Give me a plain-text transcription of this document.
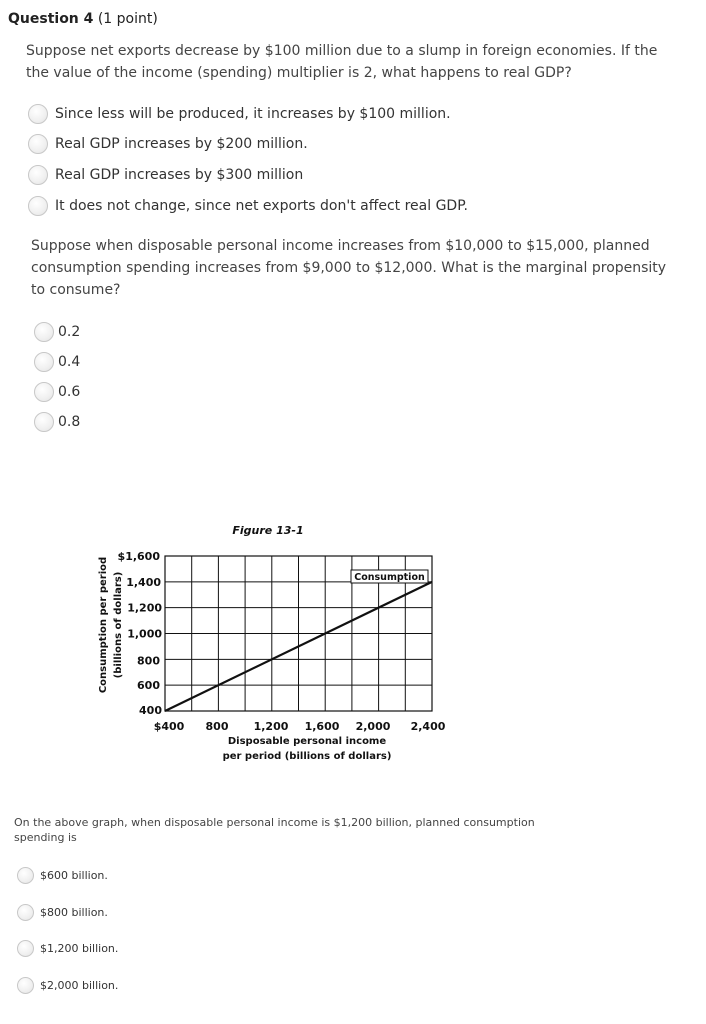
Question 4 (1 point)
Suppose net exports decrease by $100 million due to a slump in foreign economies. If the the value of the income (spending) multiplier is 2, what happens to real GDP?
Since less will be produced, it increases by $100 million.
Real GDP increases by $200 million.
Real GDP increases by $300 million
It does not change, since net exports don't affect real GDP.
Suppose when disposable personal income increases from $10,000 to $15,000, planned consumption spending increases from $9,000 to $12,000. What is the marginal propensity to consume?
0.2
0.4
0.6
0.8
Figure 13-1
400
600
800
1,000
1,200
1,400
$1,600
$400 800 1,200 1,600 2,000 2,400
Consumption
Consumption per period (billions of dollars)
Disposable personal income
per period (billions of dollars)
On the above graph, when disposable personal income is $1,200 billion, planned consumption spending is
$600 billion.
$800 billion.
$1,200 billion.
$2,000 billion.
